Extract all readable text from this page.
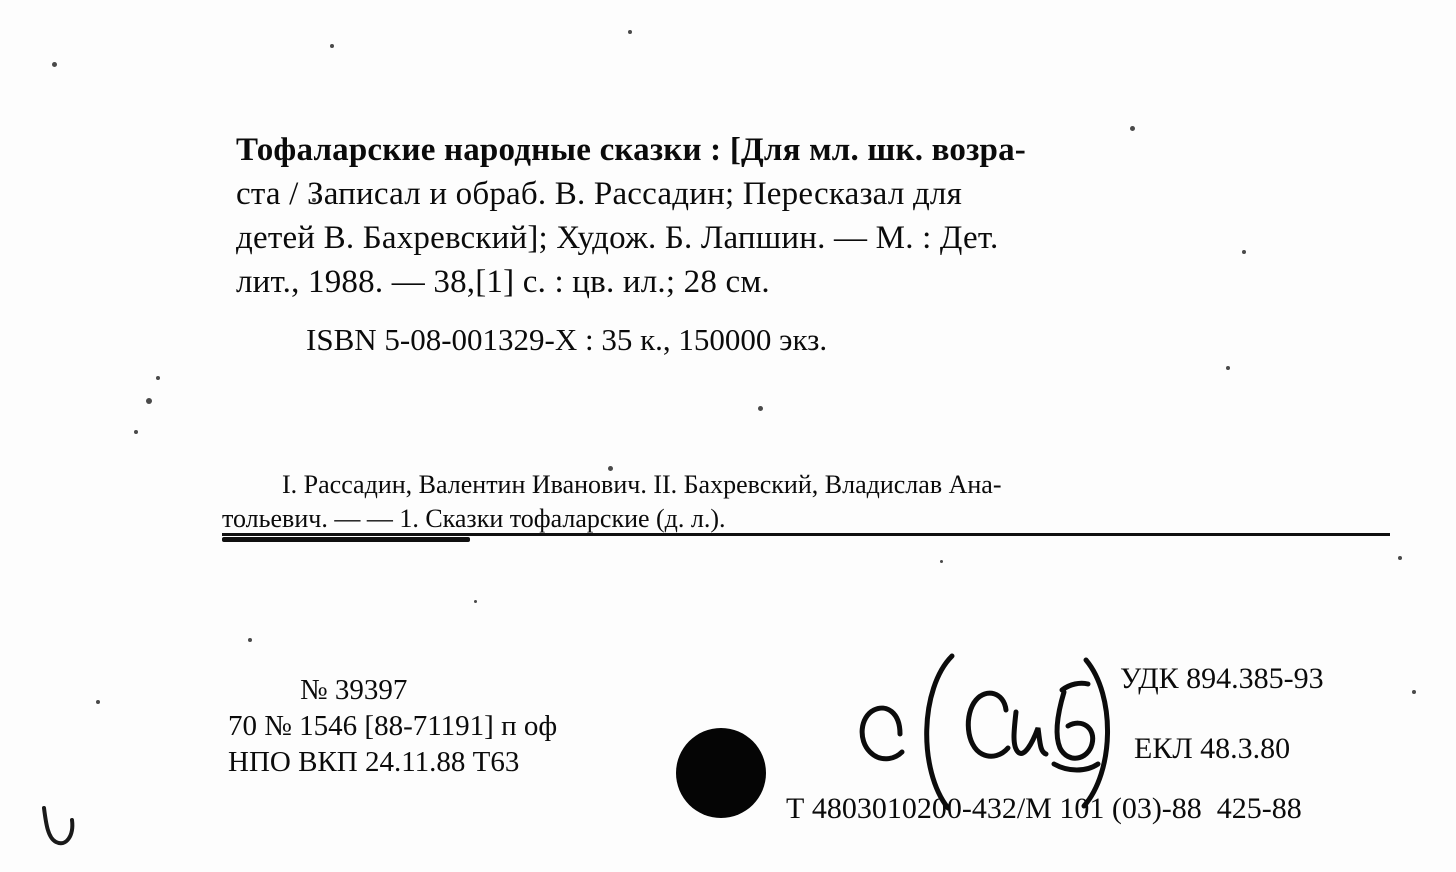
Тофаларские народные сказки : [Для мл. шк. возра-
ста / Записал и обраб. В. Рассадин; Пересказал для
детей В. Бахревский]; Худож. Б. Лапшин. — М. : Дет.
лит., 1988. — 38,[1] с. : цв. ил.; 28 см.
ISBN 5-08-001329-X : 35 к., 150000 экз.
I. Рассадин, Валентин Иванович. II. Бахревский, Владислав Ана-
тольевич. — — 1. Сказки тофаларские (д. л.).
№ 39397
70 № 1546 [88-71191] п оф
НПО ВКП 24.11.88 Т63
УДК 894.385-93
ЕКЛ 48.3.80
Т 4803010200-432/М 101 (03)-88  425-88
